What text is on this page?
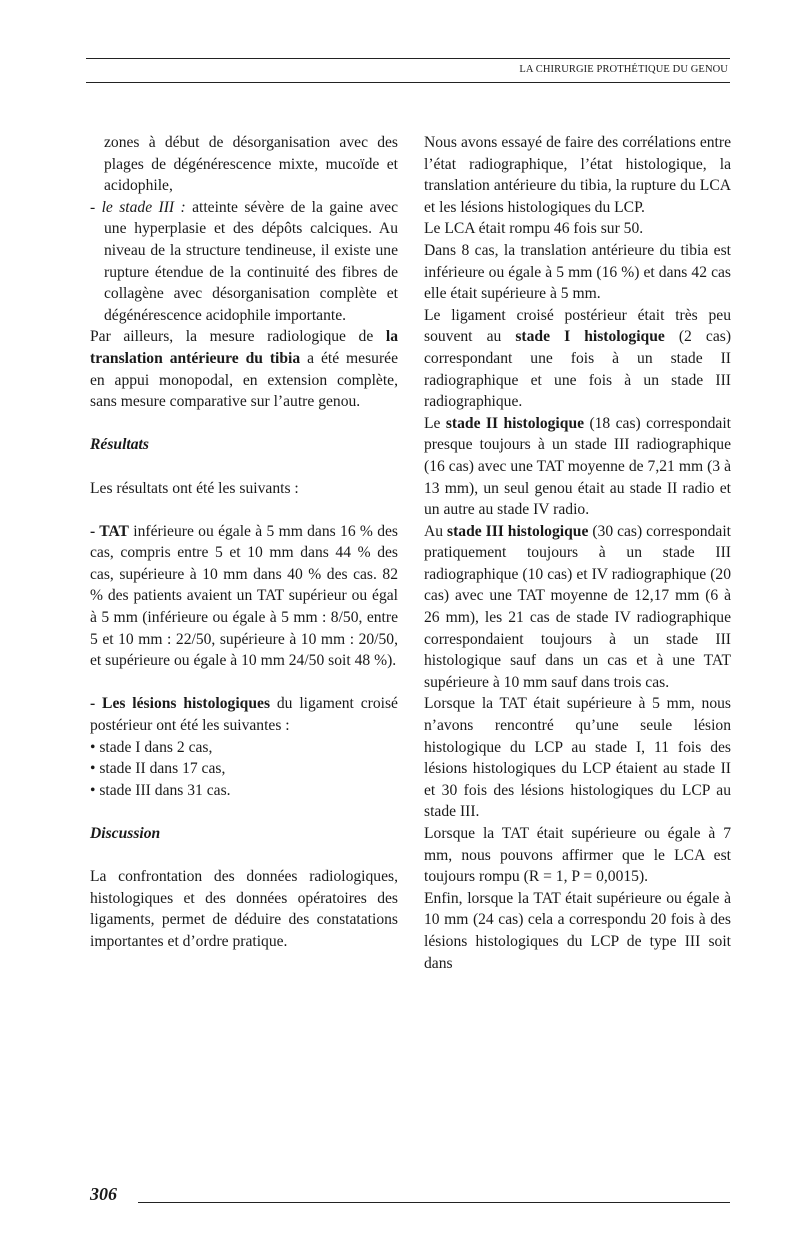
LA CHIRURGIE PROTHÉTIQUE DU GENOU

zones à début de désorganisation avec des plages de dégénérescence mixte, mucoïde et acidophile,

- le stade III : atteinte sévère de la gaine avec une hyperplasie et des dépôts calciques. Au niveau de la structure tendineuse, il existe une rupture étendue de la continuité des fibres de collagène avec désorganisation complète et dégénérescence acidophile importante.

Par ailleurs, la mesure radiologique de la translation antérieure du tibia a été mesurée en appui monopodal, en extension complète, sans mesure comparative sur l’autre genou.

Résultats

Les résultats ont été les suivants :

- TAT inférieure ou égale à 5 mm dans 16 % des cas, compris entre 5 et 10 mm dans 44 % des cas, supérieure à 10 mm dans 40 % des cas. 82 % des patients avaient un TAT supérieur ou égal à 5 mm (inférieure ou égale à 5 mm : 8/50, entre 5 et 10 mm : 22/50, supérieure à 10 mm : 20/50, et supérieure ou égale à 10 mm 24/50 soit 48 %).

- Les lésions histologiques du ligament croisé postérieur ont été les suivantes :

• stade I dans 2 cas,

• stade II dans 17 cas,

• stade III dans 31 cas.

Discussion

La confrontation des données radiologiques, histologiques et des données opératoires des ligaments, permet de déduire des constatations importantes et d’ordre pratique.

Nous avons essayé de faire des corrélations entre l’état radiographique, l’état histologique, la translation antérieure du tibia, la rupture du LCA et les lésions histologiques du LCP.

Le LCA était rompu 46 fois sur 50.

Dans 8 cas, la translation antérieure du tibia est inférieure ou égale à 5 mm (16 %) et dans 42 cas elle était supérieure à 5 mm.

Le ligament croisé postérieur était très peu souvent au stade I histologique (2 cas) correspondant une fois à un stade II radiographique et une fois à un stade III radiographique.

Le stade II histologique (18 cas) correspondait presque toujours à un stade III radiographique (16 cas) avec une TAT moyenne de 7,21 mm (3 à 13 mm), un seul genou était au stade II radio et un autre au stade IV radio.

Au stade III histologique (30 cas) correspondait pratiquement toujours à un stade III radiographique (10 cas) et IV radiographique (20 cas) avec une TAT moyenne de 12,17 mm (6 à 26 mm), les 21 cas de stade IV radiographique correspondaient toujours à un stade III histologique sauf dans un cas et à une TAT supérieure à 10 mm sauf dans trois cas.

Lorsque la TAT était supérieure à 5 mm, nous n’avons rencontré qu’une seule lésion histologique du LCP au stade I, 11 fois des lésions histologiques du LCP étaient au stade II et 30 fois des lésions histologiques du LCP au stade III.

Lorsque la TAT était supérieure ou égale à 7 mm, nous pouvons affirmer que le LCA est toujours rompu (R = 1, P = 0,0015).

Enfin, lorsque la TAT était supérieure ou égale à 10 mm (24 cas) cela a correspondu 20 fois à des lésions histologiques du LCP de type III soit dans

306
